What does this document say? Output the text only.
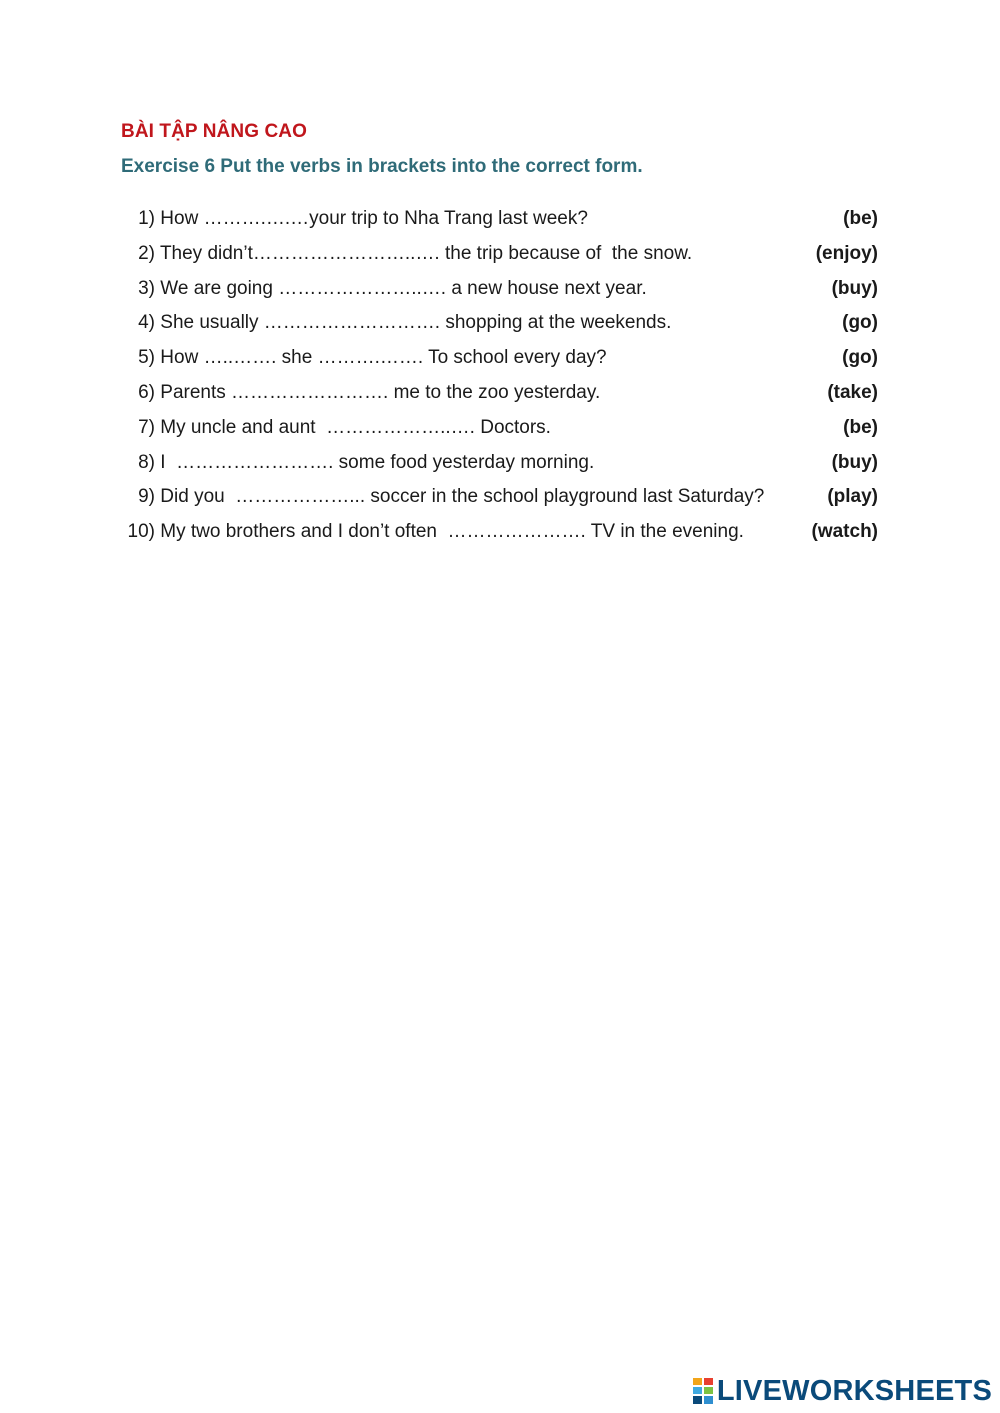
BÀI TẬP NÂNG CAO
Exercise 6 Put the verbs in brackets into the correct form.
1) How ……….….…your trip to Nha Trang last week?	(be)
2) They didn’t……………………..…. the trip because of  the snow.	(enjoy)
3) We are going …………………..…. a new house next year.	(buy)
4) She usually ………………………. shopping at the weekends.	(go)
5) How …..……. she ……….……. To school every day?	(go)
6) Parents ……………………. me to the zoo yesterday.	(take)
7) My uncle and aunt  ………………..…. Doctors.	(be)
8) I  ……………………. some food yesterday morning.	(buy)
9) Did you  ………………... soccer in the school playground last Saturday?	(play)
10) My two brothers and I don’t often  …………………. TV in the evening.	(watch)
LIVEWORKSHEETS
